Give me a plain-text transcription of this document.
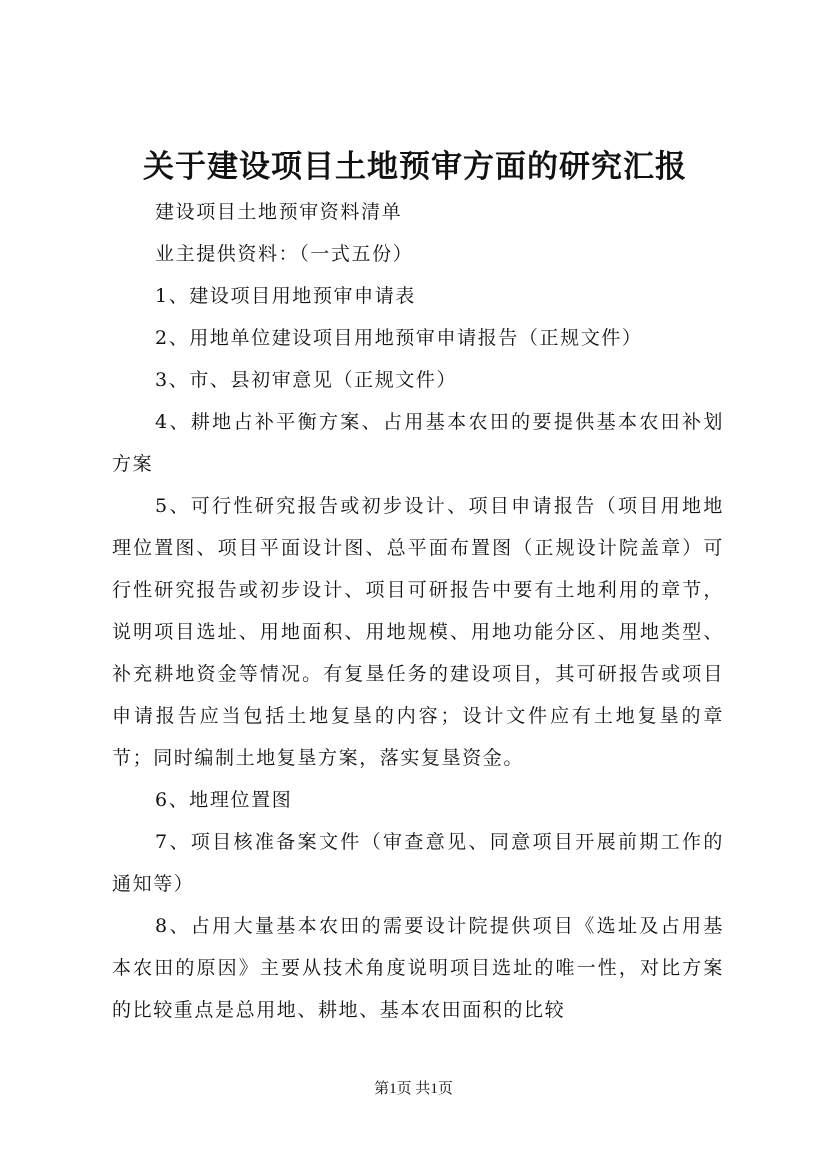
关于建设项目土地预审方面的研究汇报

建设项目土地预审资料清单

业主提供资料：（一式五份）

1、建设项目用地预审申请表

2、用地单位建设项目用地预审申请报告（正规文件）

3、市、县初审意见（正规文件）

4、耕地占补平衡方案、占用基本农田的要提供基本农田补划方案

5、可行性研究报告或初步设计、项目申请报告（项目用地地理位置图、项目平面设计图、总平面布置图（正规设计院盖章）可行性研究报告或初步设计、项目可研报告中要有土地利用的章节，说明项目选址、用地面积、用地规模、用地功能分区、用地类型、补充耕地资金等情况。有复垦任务的建设项目，其可研报告或项目申请报告应当包括土地复垦的内容；设计文件应有土地复垦的章节；同时编制土地复垦方案，落实复垦资金。

6、地理位置图

7、项目核准备案文件（审查意见、同意项目开展前期工作的通知等）

8、占用大量基本农田的需要设计院提供项目《选址及占用基本农田的原因》主要从技术角度说明项目选址的唯一性，对比方案的比较重点是总用地、耕地、基本农田面积的比较

第1页 共1页
